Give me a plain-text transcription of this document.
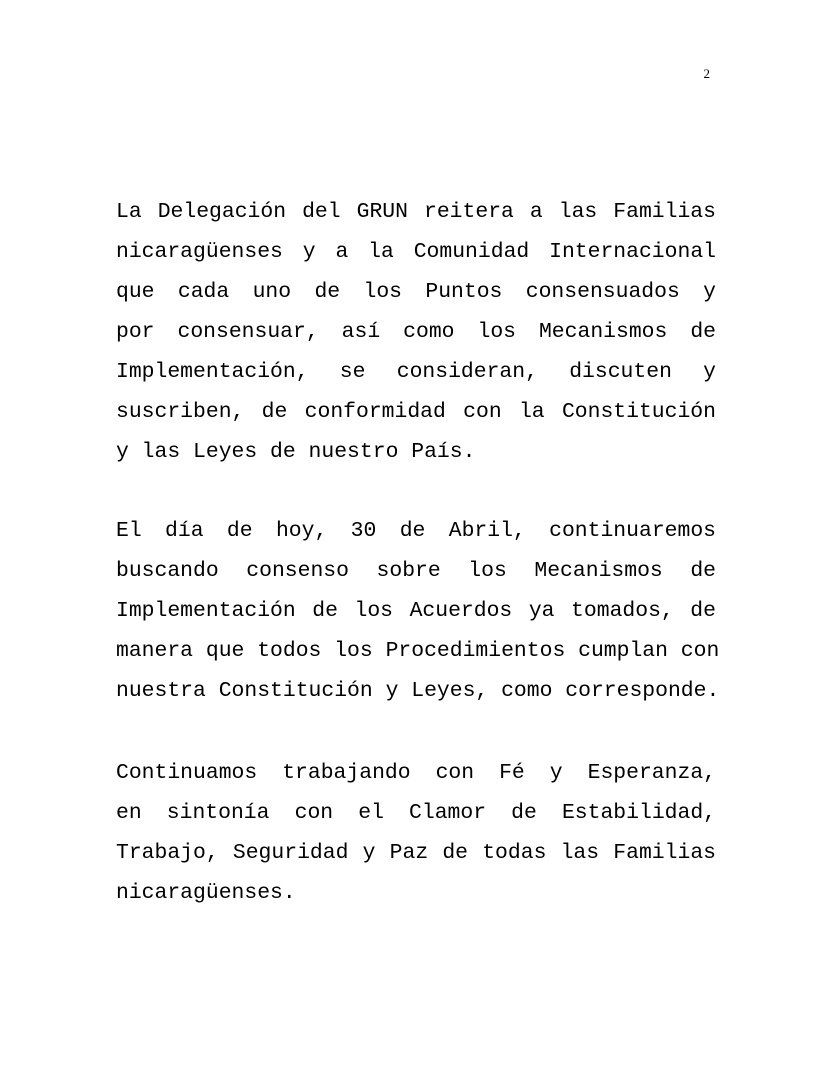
2

La Delegación del GRUN reitera a las Familias
nicaragüenses y a la Comunidad Internacional
que cada uno de los Puntos consensuados y
por consensuar, así como los Mecanismos de
Implementación, se consideran, discuten y
suscriben, de conformidad con la Constitución
y las Leyes de nuestro País.

El día de hoy, 30 de Abril, continuaremos
buscando consenso sobre los Mecanismos de
Implementación de los Acuerdos ya tomados, de
manera que todos los Procedimientos cumplan con
nuestra Constitución y Leyes, como corresponde.

Continuamos trabajando con Fé y Esperanza,
en sintonía con el Clamor de Estabilidad,
Trabajo, Seguridad y Paz de todas las Familias
nicaragüenses.
